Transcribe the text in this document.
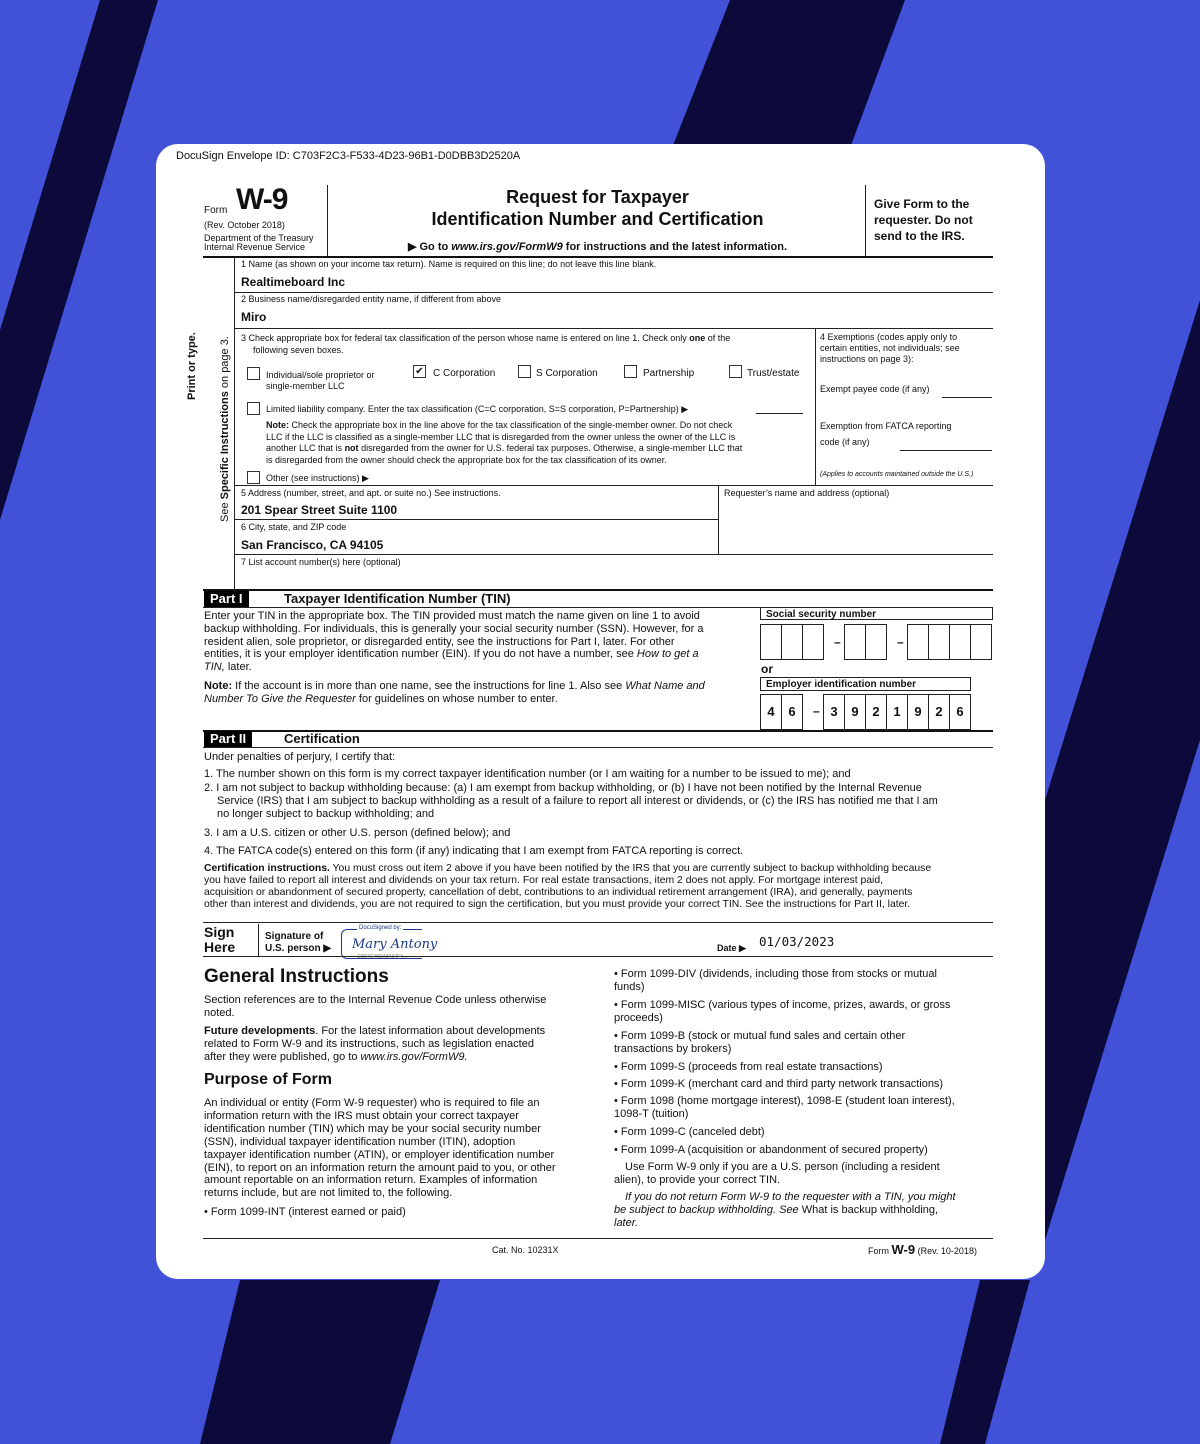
DocuSign Envelope ID: C703F2C3-F533-4D23-96B1-D0DBB3D2520A
Form W-9
(Rev. October 2018)
Department of the Treasury
Internal Revenue Service
Request for Taxpayer
Identification Number and Certification
▶ Go to www.irs.gov/FormW9 for instructions and the latest information.
Give Form to the
requester. Do not
send to the IRS.
Print or type.
See Specific Instructions on page 3.
1 Name (as shown on your income tax return). Name is required on this line; do not leave this line blank.
Realtimeboard Inc
2 Business name/disregarded entity name, if different from above
Miro
3 Check appropriate box for federal tax classification of the person whose name is entered on line 1. Check only one of the
following seven boxes.
Individual/sole proprietor or
single-member LLC
✔ C Corporation	S Corporation	Partnership	Trust/estate
Limited liability company. Enter the tax classification (C=C corporation, S=S corporation, P=Partnership) ▶
Note: Check the appropriate box in the line above for the tax classification of the single-member owner. Do not check
LLC if the LLC is classified as a single-member LLC that is disregarded from the owner unless the owner of the LLC is
another LLC that is not disregarded from the owner for U.S. federal tax purposes. Otherwise, a single-member LLC that
is disregarded from the owner should check the appropriate box for the tax classification of its owner.
Other (see instructions) ▶
4 Exemptions (codes apply only to
certain entities, not individuals; see
instructions on page 3):
Exempt payee code (if any)
Exemption from FATCA reporting
code (if any)
(Applies to accounts maintained outside the U.S.)
5 Address (number, street, and apt. or suite no.) See instructions.
201 Spear Street Suite 1100
Requester’s name and address (optional)
6 City, state, and ZIP code
San Francisco, CA 94105
7 List account number(s) here (optional)
Part I	Taxpayer Identification Number (TIN)
Enter your TIN in the appropriate box. The TIN provided must match the name given on line 1 to avoid
backup withholding. For individuals, this is generally your social security number (SSN). However, for a
resident alien, sole proprietor, or disregarded entity, see the instructions for Part I, later. For other
entities, it is your employer identification number (EIN). If you do not have a number, see How to get a
TIN, later.
Note: If the account is in more than one name, see the instructions for line 1. Also see What Name and
Number To Give the Requester for guidelines on whose number to enter.
Social security number
–	–
or
Employer identification number
4	6	– 3	9	2	1	9	2	6
Part II	Certification
Under penalties of perjury, I certify that:
1. The number shown on this form is my correct taxpayer identification number (or I am waiting for a number to be issued to me); and
2. I am not subject to backup withholding because: (a) I am exempt from backup withholding, or (b) I have not been notified by the Internal Revenue
Service (IRS) that I am subject to backup withholding as a result of a failure to report all interest or dividends, or (c) the IRS has notified me that I am
no longer subject to backup withholding; and
3. I am a U.S. citizen or other U.S. person (defined below); and
4. The FATCA code(s) entered on this form (if any) indicating that I am exempt from FATCA reporting is correct.
Certification instructions. You must cross out item 2 above if you have been notified by the IRS that you are currently subject to backup withholding because
you have failed to report all interest and dividends on your tax return. For real estate transactions, item 2 does not apply. For mortgage interest paid,
acquisition or abandonment of secured property, cancellation of debt, contributions to an individual retirement arrangement (IRA), and generally, payments
other than interest and dividends, you are not required to sign the certification, but you must provide your correct TIN. See the instructions for Part II, later.
Sign
Here
Signature of
U.S. person ▶
DocuSigned by:
Mary Antony
C0D7C49DA8434F4...
Date ▶ 01/03/2023
General Instructions
Section references are to the Internal Revenue Code unless otherwise
noted.
Future developments. For the latest information about developments
related to Form W-9 and its instructions, such as legislation enacted
after they were published, go to www.irs.gov/FormW9.
Purpose of Form
An individual or entity (Form W-9 requester) who is required to file an
information return with the IRS must obtain your correct taxpayer
identification number (TIN) which may be your social security number
(SSN), individual taxpayer identification number (ITIN), adoption
taxpayer identification number (ATIN), or employer identification number
(EIN), to report on an information return the amount paid to you, or other
amount reportable on an information return. Examples of information
returns include, but are not limited to, the following.
• Form 1099-INT (interest earned or paid)
• Form 1099-DIV (dividends, including those from stocks or mutual
funds)
• Form 1099-MISC (various types of income, prizes, awards, or gross
proceeds)
• Form 1099-B (stock or mutual fund sales and certain other
transactions by brokers)
• Form 1099-S (proceeds from real estate transactions)
• Form 1099-K (merchant card and third party network transactions)
• Form 1098 (home mortgage interest), 1098-E (student loan interest),
1098-T (tuition)
• Form 1099-C (canceled debt)
• Form 1099-A (acquisition or abandonment of secured property)
Use Form W-9 only if you are a U.S. person (including a resident
alien), to provide your correct TIN.
If you do not return Form W-9 to the requester with a TIN, you might
be subject to backup withholding. See What is backup withholding,
later.
Cat. No. 10231X	Form W-9 (Rev. 10-2018)
